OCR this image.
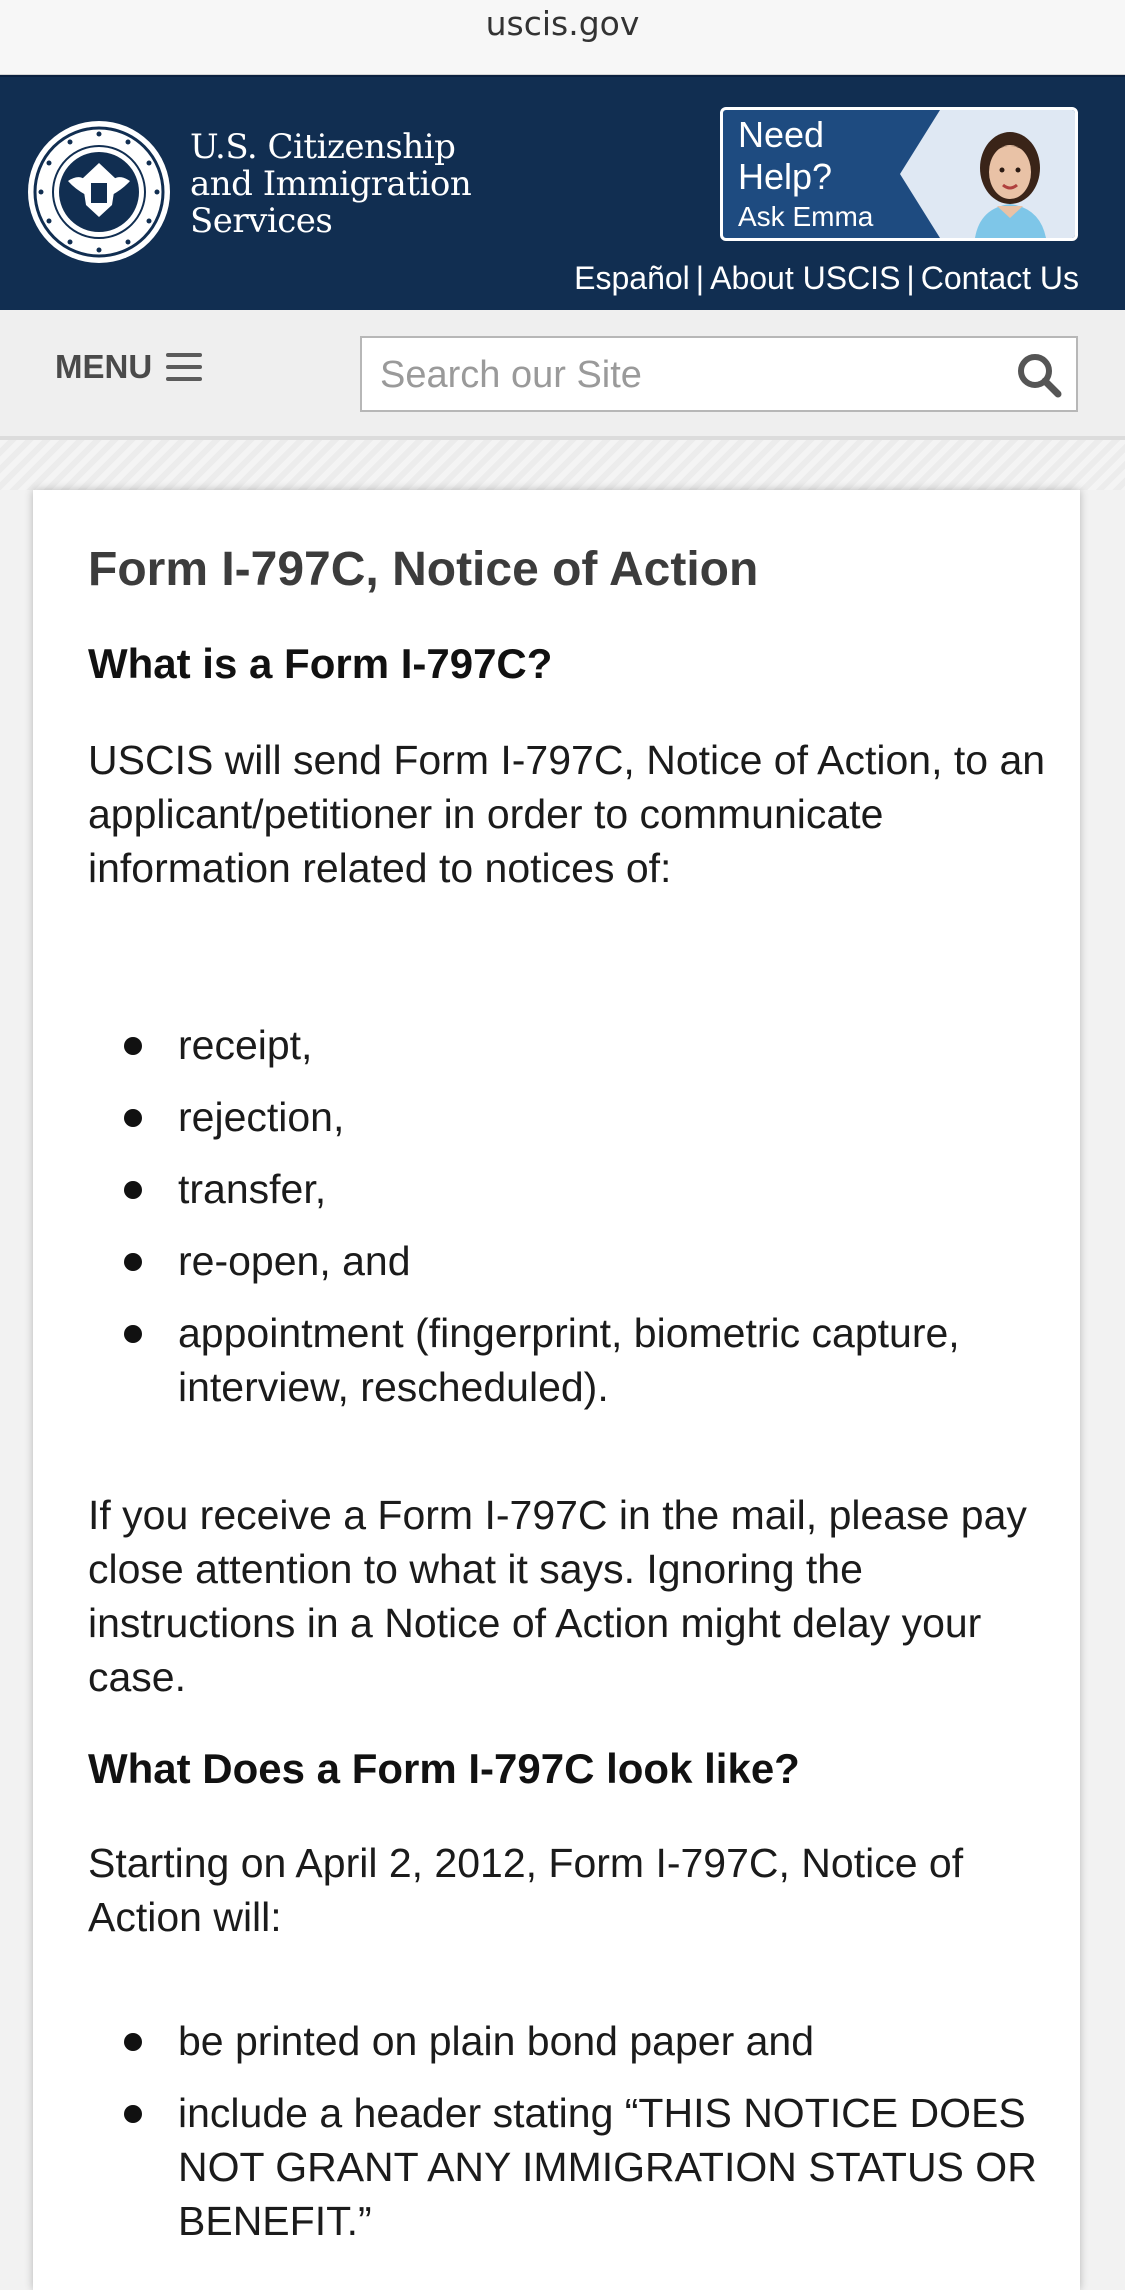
uscis.gov
U.S. Citizenship
and Immigration
Services
Need
Help?
Ask Emma
Español | About USCIS | Contact Us
MENU
Search our Site
Form I-797C, Notice of Action
What is a Form I-797C?
USCIS will send Form I-797C, Notice of Action, to an applicant/petitioner in order to communicate information related to notices of:
receipt,
rejection,
transfer,
re-open, and
appointment (fingerprint, biometric capture, interview, rescheduled).
If you receive a Form I-797C in the mail, please pay close attention to what it says. Ignoring the instructions in a Notice of Action might delay your case.
What Does a Form I-797C look like?
Starting on April 2, 2012, Form I-797C, Notice of Action will:
be printed on plain bond paper and
include a header stating “THIS NOTICE DOES NOT GRANT ANY IMMIGRATION STATUS OR BENEFIT.”
